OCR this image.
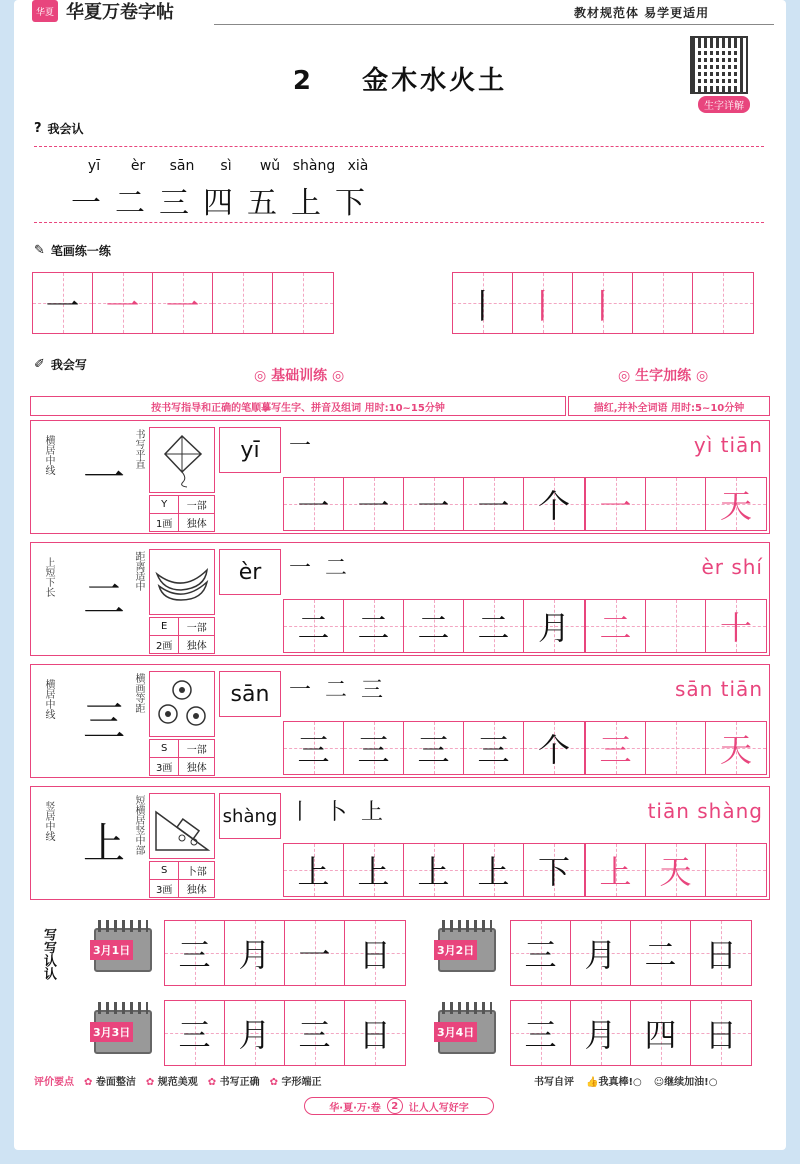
华夏 华夏万卷字帖	教材规范体 易学更适用
生字详解
2 金木水火土
? 我会认
yī	èr	sān	sì	wǔ shàng xià
一 二 三 四 五 上 下
✎ 笔画练一练
一 一 一	丨 丨 丨
✐ 我会写
◎ 基础训练 ◎	◎ 生字加练 ◎
按书写指导和正确的笔顺摹写生字、拼音及组词 用时:10~15分钟	描红,并补全词语 用时:5~10分钟
横居中线 一
书写平直
Y	一部
1画	独体
yī	一
一 一 一 一 个
yì tiān
一	天
上短下长 二
距离适中
E	一部
2画	独体
èr	一 二
二 二 二 二 月
èr shí
二	十
横居中线 三
横画等距
S	一部
3画	独体
sān 一 二 三
三 三 三 三 个
sān tiān
三	天
竖居中线 上 短横居竖中部
S	卜部
3画	独体
shàng 丨 卜 上
上 上 上 上 下
tiān shàng
上 天
写写认认	3月1日 三 月 一 日	3月2日 三 月 二 日
3月3日 三 月 三 日	3月4日 三 月 四 日
评价要点	✿ 卷面整洁	✿ 规范美观	✿ 书写正确	✿ 字形端正	书写自评 👍我真棒!○ ☺继续加油!○
华·夏·万·卷	2	让人人写好字
